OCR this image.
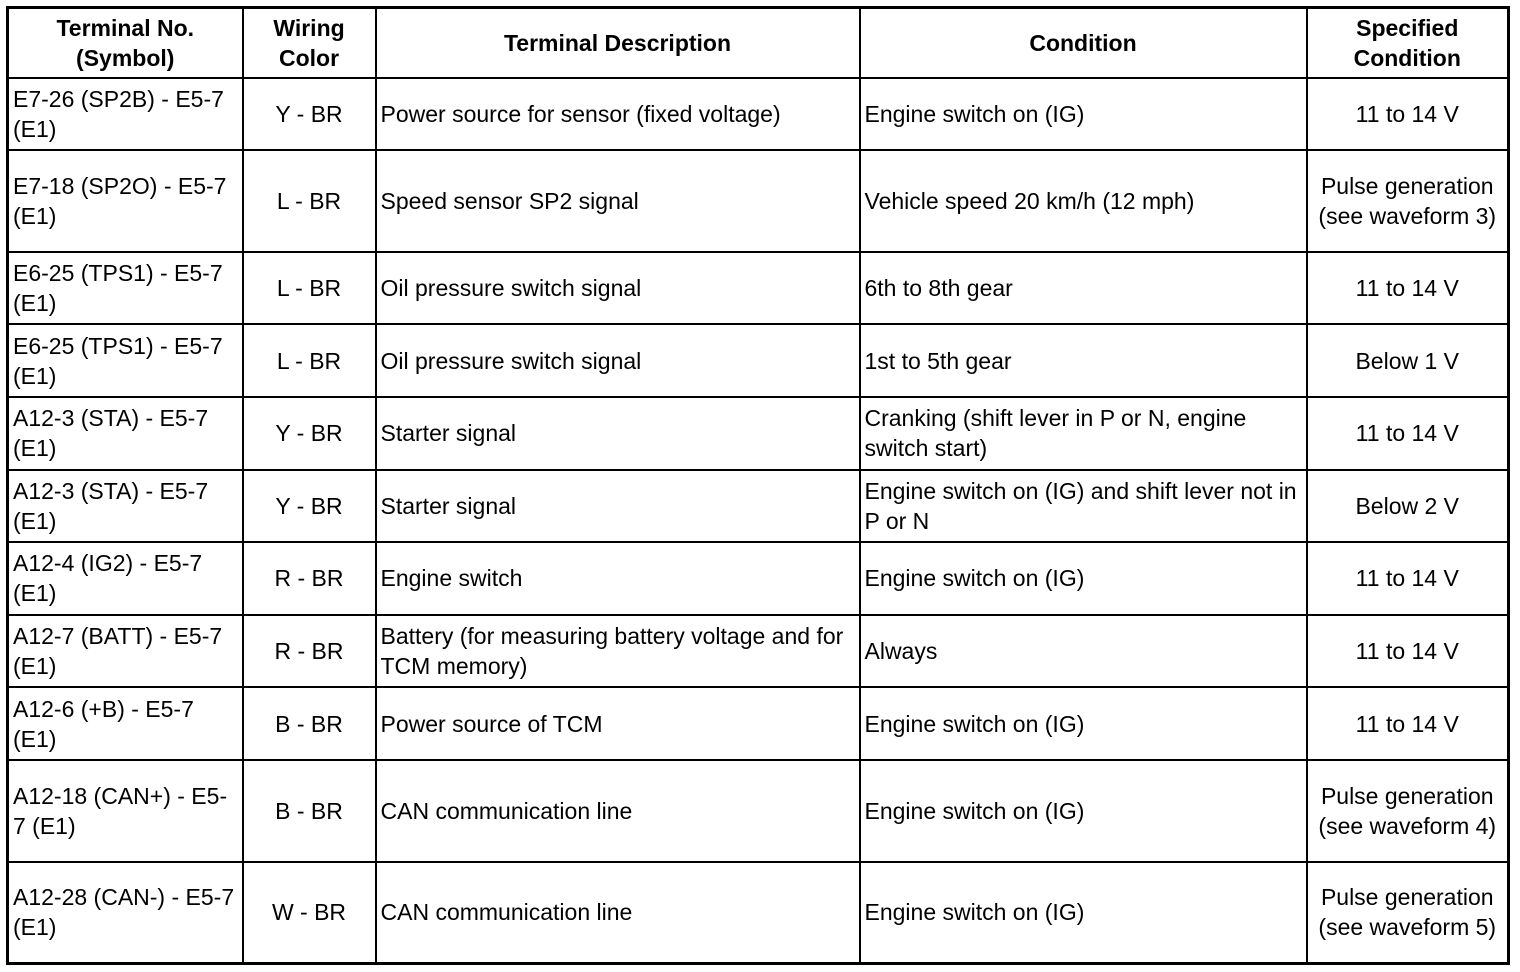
Terminal No. (Symbol)	Wiring Color	Terminal Description	Condition	Specified Condition
E7-26 (SP2B) - E5-7 (E1)	Y - BR	Power source for sensor (fixed voltage)	Engine switch on (IG)	11 to 14 V
E7-18 (SP2O) - E5-7 (E1)	L - BR	Speed sensor SP2 signal	Vehicle speed 20 km/h (12 mph)	Pulse generation (see waveform 3)
E6-25 (TPS1) - E5-7 (E1)	L - BR	Oil pressure switch signal	6th to 8th gear	11 to 14 V
E6-25 (TPS1) - E5-7 (E1)	L - BR	Oil pressure switch signal	1st to 5th gear	Below 1 V
A12-3 (STA) - E5-7 (E1)	Y - BR	Starter signal	Cranking (shift lever in P or N, engine switch start)	11 to 14 V
A12-3 (STA) - E5-7 (E1)	Y - BR	Starter signal	Engine switch on (IG) and shift lever not in P or N	Below 2 V
A12-4 (IG2) - E5-7 (E1)	R - BR	Engine switch	Engine switch on (IG)	11 to 14 V
A12-7 (BATT) - E5-7 (E1)	R - BR	Battery (for measuring battery voltage and for TCM memory)	Always	11 to 14 V
A12-6 (+B) - E5-7 (E1)	B - BR	Power source of TCM	Engine switch on (IG)	11 to 14 V
A12-18 (CAN+) - E5-7 (E1)	B - BR	CAN communication line	Engine switch on (IG)	Pulse generation (see waveform 4)
A12-28 (CAN-) - E5-7 (E1)	W - BR	CAN communication line	Engine switch on (IG)	Pulse generation (see waveform 5)
